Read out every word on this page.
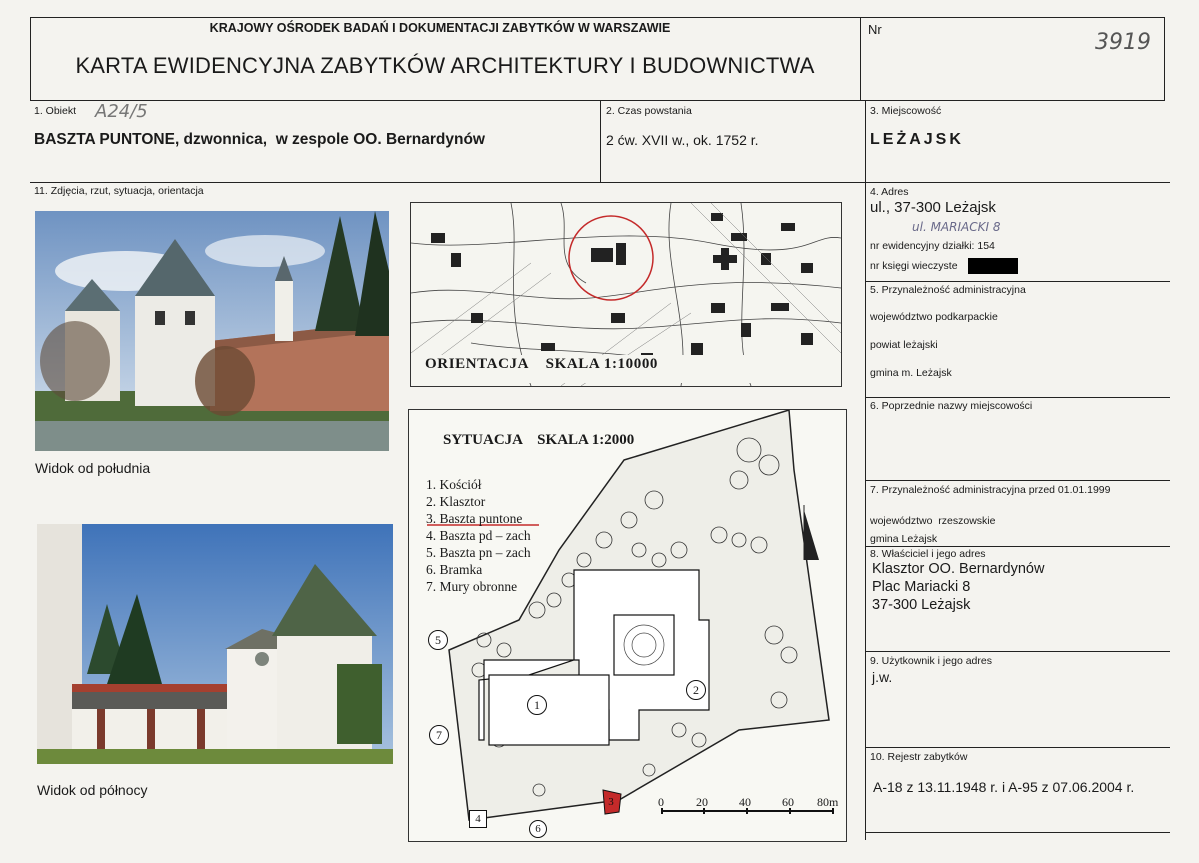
KRAJOWY OŚRODEK BADAŃ I DOKUMENTACJI ZABYTKÓW W WARSZAWIE
KARTA EWIDENCYJNA ZABYTKÓW ARCHITEKTURY I BUDOWNICTWA
Nr
3919
1. Obiekt A24/5
BASZTA PUNTONE, dzwonnica,  w zespole OO. Bernardynów
2. Czas powstania
2 ćw. XVII w., ok. 1752 r.
3. Miejscowość
LEŻAJSK
11. Zdjęcia, rzut, sytuacja, orientacja
Widok od południa
Widok od północy
ORIENTACJA    SKALA 1:10000
SYTUACJA    SKALA 1:2000
1. Kościół
2. Klasztor
3. Baszta puntone
4. Baszta pd – zach
5. Baszta pn – zach
6. Bramka
7. Mury obronne
1
2
3
4
5
6
7
0	20	40	60 80m
4. Adres
ul., 37-300 Leżajsk
ul. MARIACKI 8
nr ewidencyjny działki: 154
nr księgi wieczyste
5. Przynależność administracyjna
województwo podkarpackie
powiat leżajski
gmina m. Leżajsk
6. Poprzednie nazwy miejscowości
7. Przynależność administracyjna przed 01.01.1999
województwo  rzeszowskie
gmina Leżajsk
8. Właściciel i jego adres
Klasztor OO. Bernardynów
Plac Mariacki 8
37-300 Leżajsk
9. Użytkownik i jego adres
j.w.
10. Rejestr zabytków
A-18 z 13.11.1948 r. i A-95 z 07.06.2004 r.
